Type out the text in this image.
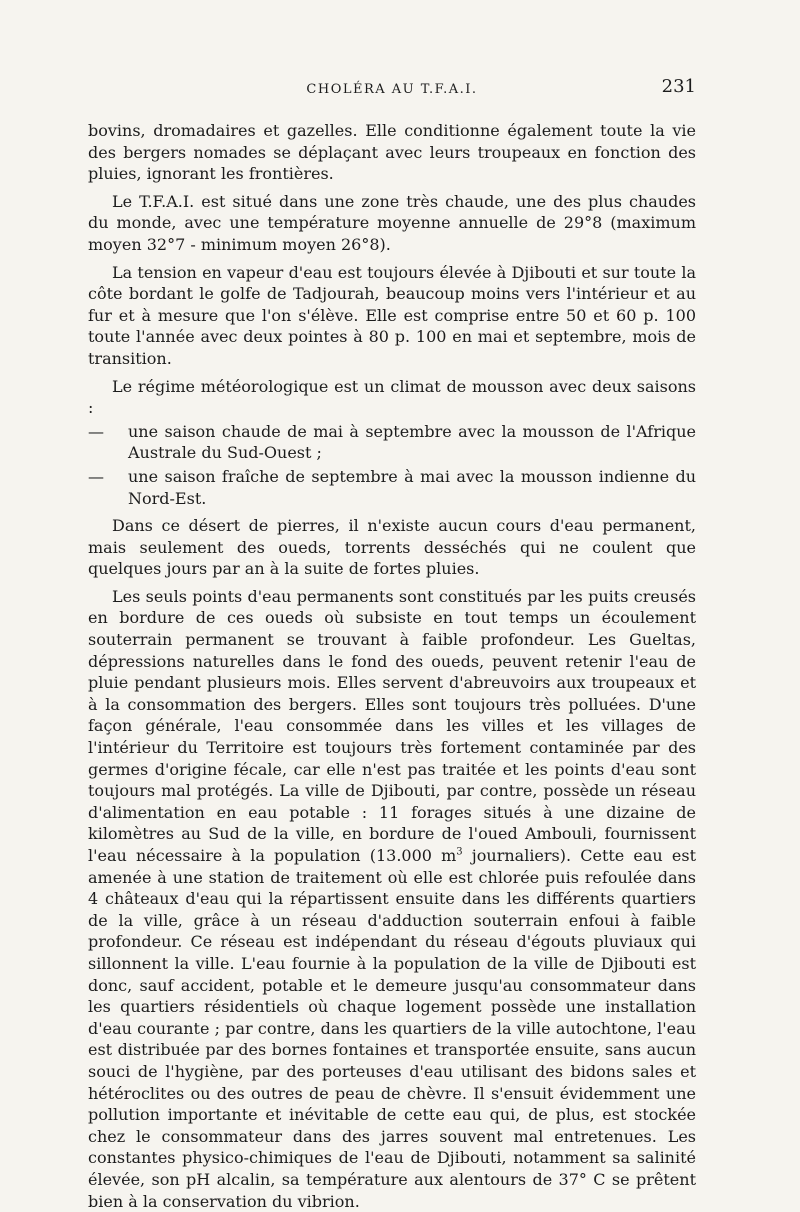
CHOLÉRA AU T.F.A.I.	231

bovins, dromadaires et gazelles. Elle conditionne également toute la vie des bergers nomades se déplaçant avec leurs troupeaux en fonction des pluies, ignorant les frontières.

Le T.F.A.I. est situé dans une zone très chaude, une des plus chaudes du monde, avec une température moyenne annuelle de 29°8 (maximum moyen 32°7 - minimum moyen 26°8).

La tension en vapeur d'eau est toujours élevée à Djibouti et sur toute la côte bordant le golfe de Tadjourah, beaucoup moins vers l'intérieur et au fur et à mesure que l'on s'élève. Elle est comprise entre 50 et 60 p. 100 toute l'année avec deux pointes à 80 p. 100 en mai et septembre, mois de transition.

Le régime météorologique est un climat de mousson avec deux saisons :

— une saison chaude de mai à septembre avec la mousson de l'Afrique Australe du Sud-Ouest ;

— une saison fraîche de septembre à mai avec la mousson indienne du Nord-Est.

Dans ce désert de pierres, il n'existe aucun cours d'eau permanent, mais seulement des oueds, torrents desséchés qui ne coulent que quelques jours par an à la suite de fortes pluies.

Les seuls points d'eau permanents sont constitués par les puits creusés en bordure de ces oueds où subsiste en tout temps un écoulement souterrain permanent se trouvant à faible profondeur. Les Gueltas, dépressions naturelles dans le fond des oueds, peuvent retenir l'eau de pluie pendant plusieurs mois. Elles servent d'abreuvoirs aux troupeaux et à la consommation des bergers. Elles sont toujours très polluées. D'une façon générale, l'eau consommée dans les villes et les villages de l'intérieur du Territoire est toujours très fortement contaminée par des germes d'origine fécale, car elle n'est pas traitée et les points d'eau sont toujours mal protégés. La ville de Djibouti, par contre, possède un réseau d'alimentation en eau potable : 11 forages situés à une dizaine de kilomètres au Sud de la ville, en bordure de l'oued Ambouli, fournissent l'eau nécessaire à la population (13.000 $m^3$ journaliers). Cette eau est amenée à une station de traitement où elle est chlorée puis refoulée dans 4 châteaux d'eau qui la répartissent ensuite dans les différents quartiers de la ville, grâce à un réseau d'adduction souterrain enfoui à faible profondeur. Ce réseau est indépendant du réseau d'égouts pluviaux qui sillonnent la ville. L'eau fournie à la population de la ville de Djibouti est donc, sauf accident, potable et le demeure jusqu'au consommateur dans les quartiers résidentiels où chaque logement possède une installation d'eau courante ; par contre, dans les quartiers de la ville autochtone, l'eau est distribuée par des bornes fontaines et transportée ensuite, sans aucun souci de l'hygiène, par des porteuses d'eau utilisant des bidons sales et hétéroclites ou des outres de peau de chèvre. Il s'ensuit évidemment une pollution importante et inévitable de cette eau qui, de plus, est stockée chez le consommateur dans des jarres souvent mal entretenues. Les constantes physico-chimiques de l'eau de Djibouti, notamment sa salinité élevée, son pH alcalin, sa température aux alentours de 37° C se prêtent bien à la conservation du vibrion.
